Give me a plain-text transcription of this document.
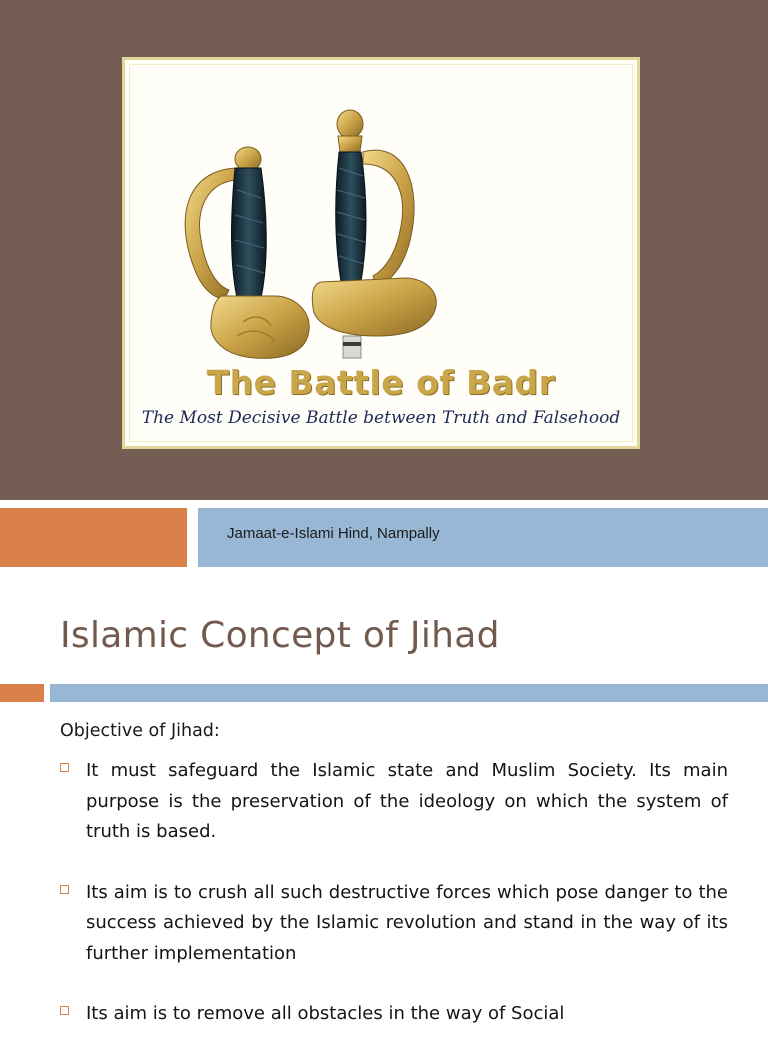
The Battle of Badr
The Most Decisive Battle between Truth and Falsehood
Jamaat-e-Islami Hind, Nampally
Islamic Concept of Jihad
Objective of Jihad:
It must safeguard the Islamic state and Muslim Society. Its main purpose is the preservation of the ideology on which the system of truth is based.
Its aim is to crush all such destructive forces which pose danger to the success achieved by the Islamic revolution and stand in the way of its further implementation
Its aim is to remove all obstacles in the way of Social
